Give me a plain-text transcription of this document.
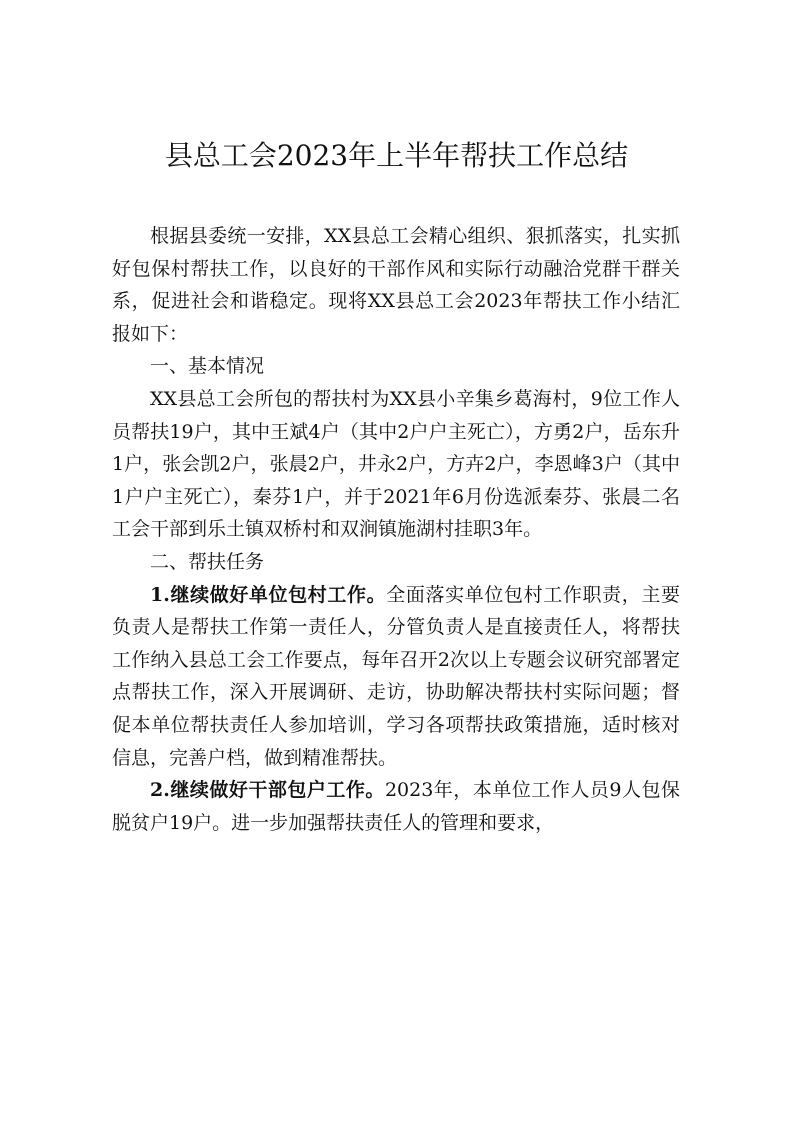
县总工会2023年上半年帮扶工作总结

根据县委统一安排，XX县总工会精心组织、狠抓落实，扎实抓好包保村帮扶工作，以良好的干部作风和实际行动融洽党群干群关系，促进社会和谐稳定。现将XX县总工会2023年帮扶工作小结汇报如下：

一、基本情况

XX县总工会所包的帮扶村为XX县小辛集乡葛海村，9位工作人员帮扶19户，其中王斌4户（其中2户户主死亡），方勇2户，岳东升1户，张会凯2户，张晨2户，井永2户，方卉2户，李恩峰3户（其中1户户主死亡），秦芬1户，并于2021年6月份选派秦芬、张晨二名工会干部到乐土镇双桥村和双涧镇施湖村挂职3年。

二、帮扶任务

1.继续做好单位包村工作。全面落实单位包村工作职责，主要负责人是帮扶工作第一责任人，分管负责人是直接责任人，将帮扶工作纳入县总工会工作要点，每年召开2次以上专题会议研究部署定点帮扶工作，深入开展调研、走访，协助解决帮扶村实际问题；督促本单位帮扶责任人参加培训，学习各项帮扶政策措施，适时核对信息，完善户档，做到精准帮扶。

2.继续做好干部包户工作。2023年，本单位工作人员9人包保脱贫户19户。进一步加强帮扶责任人的管理和要求，
